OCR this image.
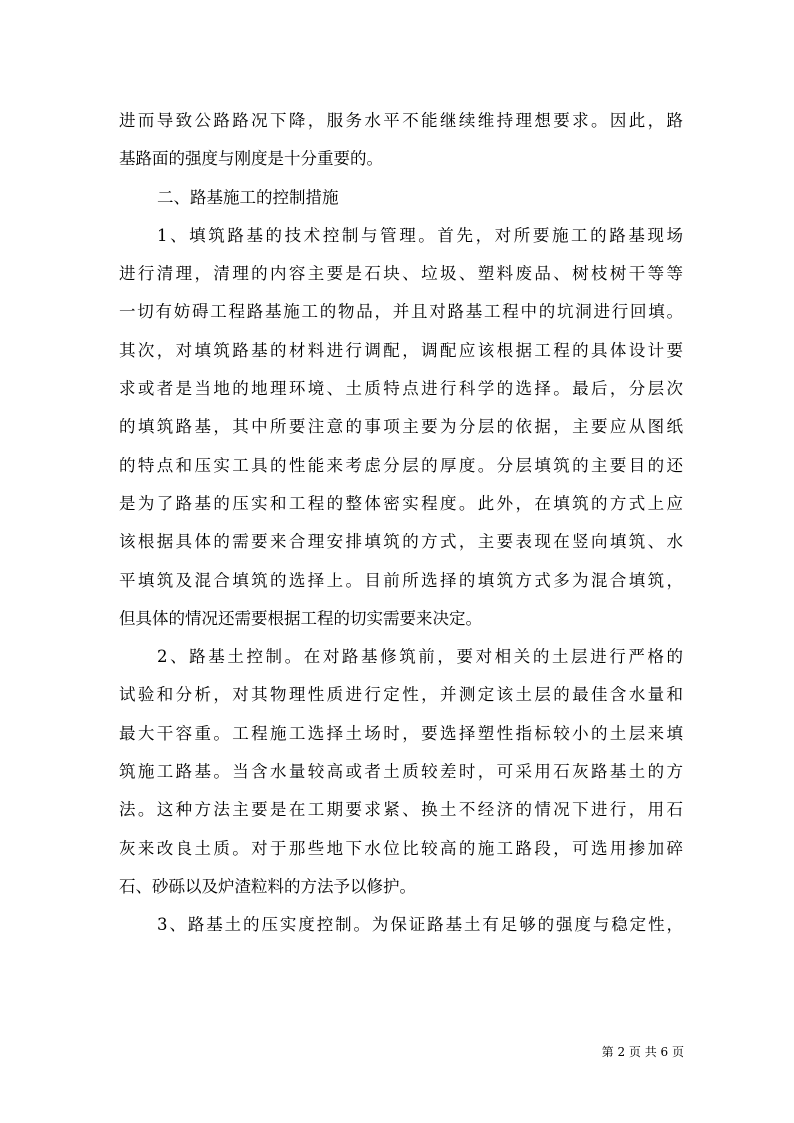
进而导致公路路况下降，服务水平不能继续维持理想要求。因此，路
基路面的强度与刚度是十分重要的。
二、路基施工的控制措施
1、填筑路基的技术控制与管理。首先，对所要施工的路基现场
进行清理，清理的内容主要是石块、垃圾、塑料废品、树枝树干等等
一切有妨碍工程路基施工的物品，并且对路基工程中的坑洞进行回填。
其次，对填筑路基的材料进行调配，调配应该根据工程的具体设计要
求或者是当地的地理环境、土质特点进行科学的选择。最后，分层次
的填筑路基，其中所要注意的事项主要为分层的依据，主要应从图纸
的特点和压实工具的性能来考虑分层的厚度。分层填筑的主要目的还
是为了路基的压实和工程的整体密实程度。此外，在填筑的方式上应
该根据具体的需要来合理安排填筑的方式，主要表现在竖向填筑、水
平填筑及混合填筑的选择上。目前所选择的填筑方式多为混合填筑，
但具体的情况还需要根据工程的切实需要来决定。
2、路基土控制。在对路基修筑前，要对相关的土层进行严格的
试验和分析，对其物理性质进行定性，并测定该土层的最佳含水量和
最大干容重。工程施工选择土场时，要选择塑性指标较小的土层来填
筑施工路基。当含水量较高或者土质较差时，可采用石灰路基土的方
法。这种方法主要是在工期要求紧、换土不经济的情况下进行，用石
灰来改良土质。对于那些地下水位比较高的施工路段，可选用掺加碎
石、砂砾以及炉渣粒料的方法予以修护。
3、路基土的压实度控制。为保证路基土有足够的强度与稳定性，
第 2 页 共 6 页
